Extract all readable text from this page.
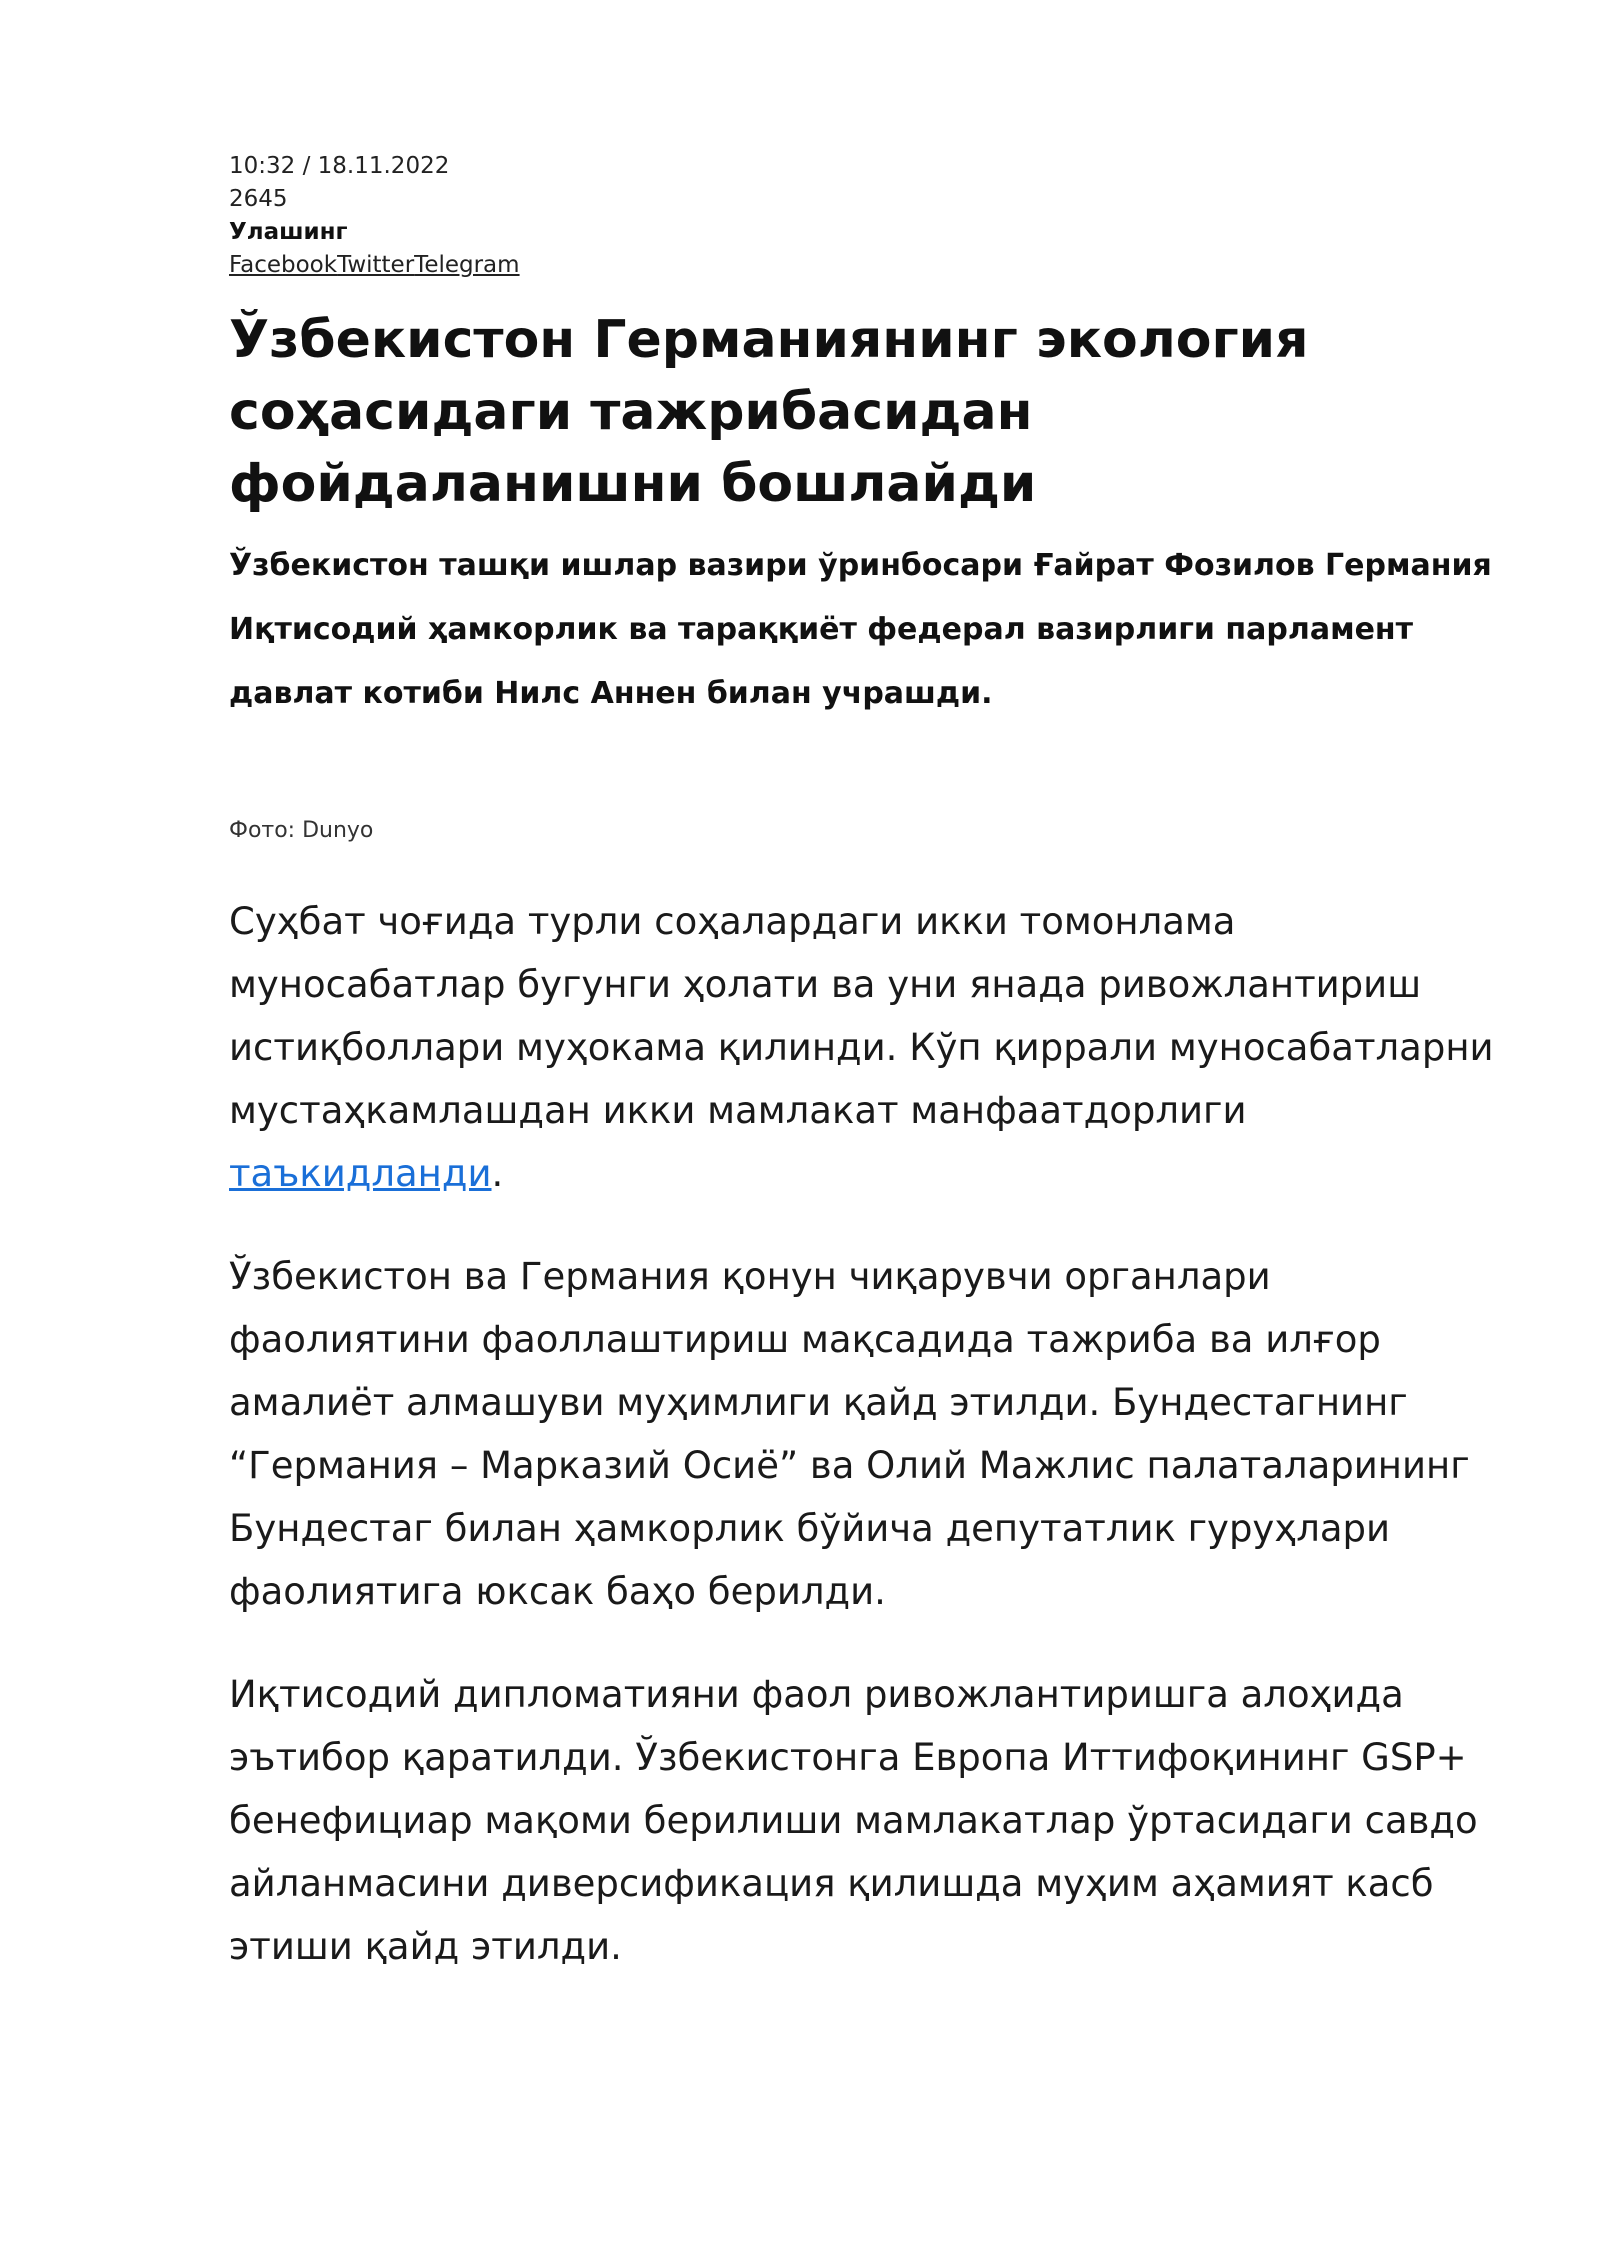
10:32 / 18.11.2022
2645
Улашинг
FacebookTwitterTelegram
Ўзбекистон Германиянинг экология соҳасидаги тажрибасидан фойдаланишни бошлайди
Ўзбекистон ташқи ишлар вазири ўринбосари Ғайрат Фозилов Германия Иқтисодий ҳамкорлик ва тараққиёт федерал вазирлиги парламент давлат котиби Нилс Аннен билан учрашди.
Фото: Dunyo

Суҳбат чоғида турли соҳалардаги икки томонлама муносабатлар бугунги ҳолати ва уни янада ривожлантириш истиқболлари муҳокама қилинди. Кўп қиррали муносабатларни мустаҳкамлашдан икки мамлакат манфаатдорлиги таъкидланди.

Ўзбекистон ва Германия қонун чиқарувчи органлари фаолиятини фаоллаштириш мақсадида тажриба ва илғор амалиёт алмашуви муҳимлиги қайд этилди. Бундестагнинг “Германия – Марказий Осиё” ва Олий Мажлис палаталарининг Бундестаг билан ҳамкорлик бўйича депутатлик гуруҳлари фаолиятига юксак баҳо берилди.

Иқтисодий дипломатияни фаол ривожлантиришга алоҳида эътибор қаратилди. Ўзбекистонга Европа Иттифоқининг GSP+ бенефициар мақоми берилиши мамлакатлар ўртасидаги савдо айланмасини диверсификация қилишда муҳим аҳамият касб этиши қайд этилди.
